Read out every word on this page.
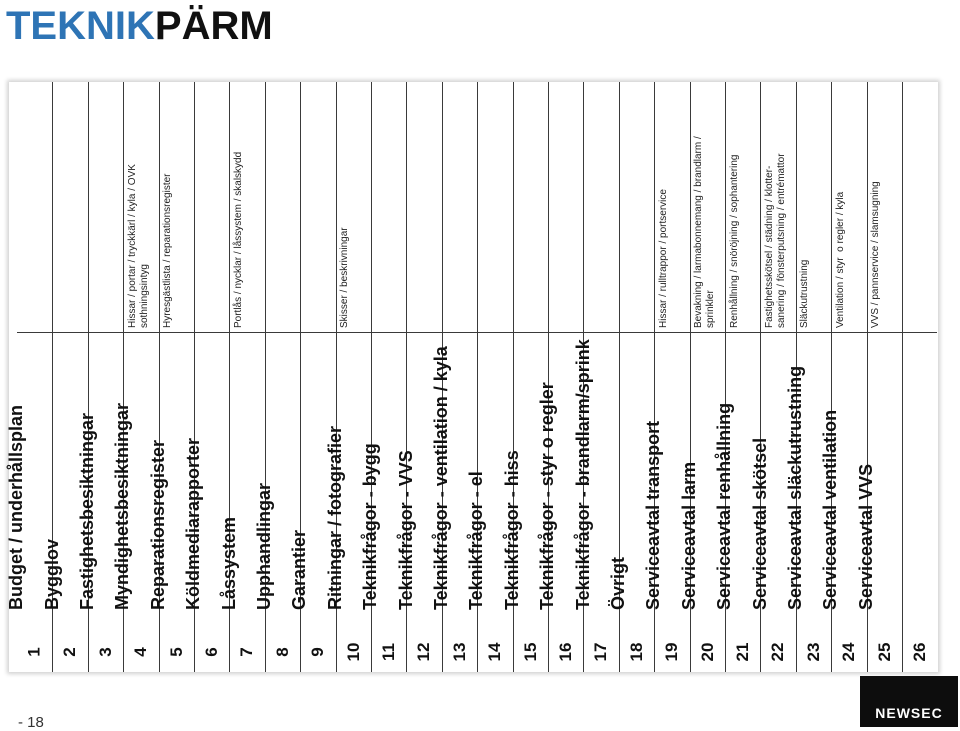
TEKNIKPÄRM
1
Budget / underhållsplan
2
Bygglov
3
Fastighetsbesiktningar
4
Myndighetsbesiktningar
Hissar / portar / tryckkärl / kyla / OVK
sothningsintyg
5
Reparationsregister
Hyresgästlista / reparationsregister
6
Köldmediarapporter
7
Låssystem
Portlås / nycklar / låssystem / skalskydd
8
Upphandlingar
9
Garantier
10
Ritningar / fotografier
Skisser / beskrivningar
11
Teknikfrågor - bygg
12
Teknikfrågor - VVS
13
Teknikfrågor - ventilation / kyla
14
Teknikfrågor - el
15
Teknikfrågor - hiss
16
Teknikfrågor - styr o regler
17
Teknikfrågor - brandlarm/sprink
18
Övrigt
19
Serviceavtal transport
Hissar / rulltrappor / portservice
20
Serviceavtal larm
Bevakning / larmabonnemang / brandlarm /
sprinkler
21
Serviceavtal renhållning
Renhållning / snöröjning / sophantering
22
Serviceavtal skötsel
Fastighetsskötsel / städning / klotter-
sanering / fönsterputsning / entrémattor
23
Serviceavtal släckutrustning
Släckutrustning
24
Serviceavtal ventilation
Ventilation / styr  o regler / kyla
25
Serviceavtal VVS
VVS / pannservice / slamsugning
26
- 18
NEWSEC
